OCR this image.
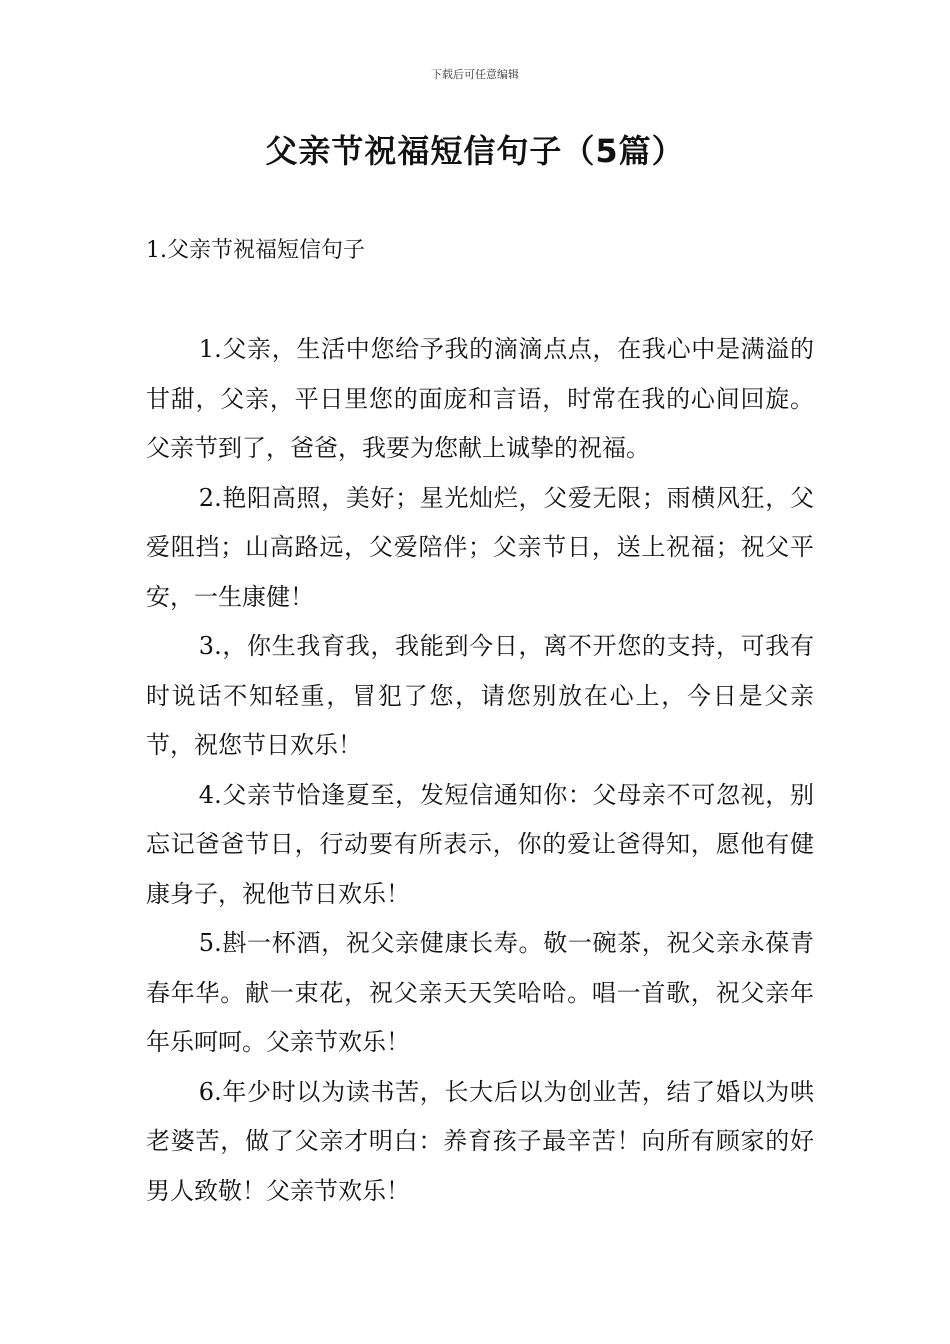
下载后可任意编辑
父亲节祝福短信句子（5篇）
1.父亲节祝福短信句子

1.父亲，生活中您给予我的滴滴点点，在我心中是满溢的甘甜，父亲，平日里您的面庞和言语，时常在我的心间回旋。父亲节到了，爸爸，我要为您献上诚挚的祝福。

2.艳阳高照，美好；星光灿烂，父爱无限；雨横风狂，父爱阻挡；山高路远，父爱陪伴；父亲节日，送上祝福；祝父平安，一生康健！

3.，你生我育我，我能到今日，离不开您的支持，可我有时说话不知轻重，冒犯了您，请您别放在心上，今日是父亲节，祝您节日欢乐！

4.父亲节恰逢夏至，发短信通知你：父母亲不可忽视，别忘记爸爸节日，行动要有所表示，你的爱让爸得知，愿他有健康身子，祝他节日欢乐！

5.斟一杯酒，祝父亲健康长寿。敬一碗茶，祝父亲永葆青春年华。献一束花，祝父亲天天笑哈哈。唱一首歌，祝父亲年年乐呵呵。父亲节欢乐！

6.年少时以为读书苦，长大后以为创业苦，结了婚以为哄老婆苦，做了父亲才明白：养育孩子最辛苦！向所有顾家的好男人致敬！父亲节欢乐！
